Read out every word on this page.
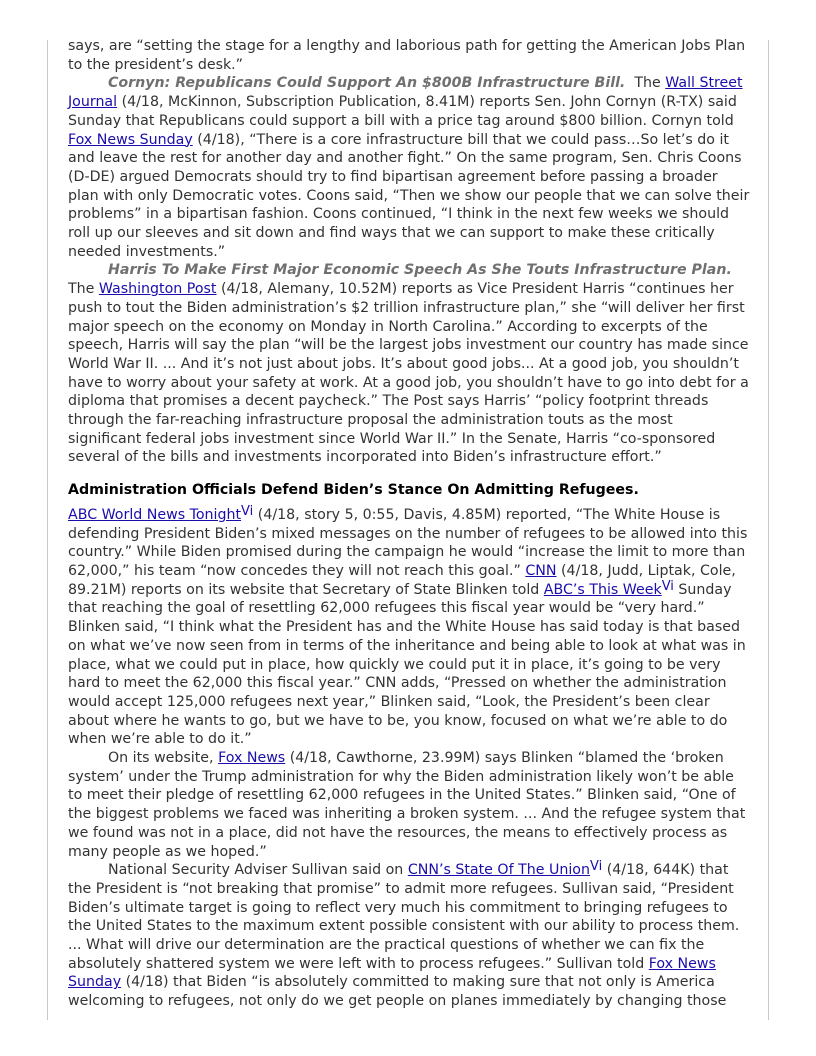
says, are “setting the stage for a lengthy and laborious path for getting the American Jobs Plan to the president’s desk.”

Cornyn: Republicans Could Support An $800B Infrastructure Bill.  The Wall Street Journal (4/18, McKinnon, Subscription Publication, 8.41M) reports Sen. John Cornyn (R-TX) said Sunday that Republicans could support a bill with a price tag around $800 billion. Cornyn told Fox News Sunday (4/18), “There is a core infrastructure bill that we could pass…So let’s do it and leave the rest for another day and another fight.” On the same program, Sen. Chris Coons (D-DE) argued Democrats should try to find bipartisan agreement before passing a broader plan with only Democratic votes. Coons said, “Then we show our people that we can solve their problems” in a bipartisan fashion. Coons continued, “I think in the next few weeks we should roll up our sleeves and sit down and find ways that we can support to make these critically needed investments.”

Harris To Make First Major Economic Speech As She Touts Infrastructure Plan. The Washington Post (4/18, Alemany, 10.52M) reports as Vice President Harris “continues her push to tout the Biden administration’s $2 trillion infrastructure plan,” she “will deliver her first major speech on the economy on Monday in North Carolina.” According to excerpts of the speech, Harris will say the plan “will be the largest jobs investment our country has made since World War II. ... And it’s not just about jobs. It’s about good jobs... At a good job, you shouldn’t have to worry about your safety at work. At a good job, you shouldn’t have to go into debt for a diploma that promises a decent paycheck.” The Post says Harris’ “policy footprint threads through the far-reaching infrastructure proposal the administration touts as the most significant federal jobs investment since World War II.” In the Senate, Harris “co-sponsored several of the bills and investments incorporated into Biden’s infrastructure effort.”

Administration Officials Defend Biden’s Stance On Admitting Refugees.

ABC World News TonightVi (4/18, story 5, 0:55, Davis, 4.85M) reported, “The White House is defending President Biden’s mixed messages on the number of refugees to be allowed into this country.” While Biden promised during the campaign he would “increase the limit to more than 62,000,” his team “now concedes they will not reach this goal.” CNN (4/18, Judd, Liptak, Cole, 89.21M) reports on its website that Secretary of State Blinken told ABC’s This WeekVi Sunday that reaching the goal of resettling 62,000 refugees this fiscal year would be “very hard.” Blinken said, “I think what the President has and the White House has said today is that based on what we’ve now seen from in terms of the inheritance and being able to look at what was in place, what we could put in place, how quickly we could put it in place, it’s going to be very hard to meet the 62,000 this fiscal year.” CNN adds, “Pressed on whether the administration would accept 125,000 refugees next year,” Blinken said, “Look, the President’s been clear about where he wants to go, but we have to be, you know, focused on what we’re able to do when we’re able to do it.”

On its website, Fox News (4/18, Cawthorne, 23.99M) says Blinken “blamed the ‘broken system’ under the Trump administration for why the Biden administration likely won’t be able to meet their pledge of resettling 62,000 refugees in the United States.” Blinken said, “One of the biggest problems we faced was inheriting a broken system. ... And the refugee system that we found was not in a place, did not have the resources, the means to effectively process as many people as we hoped.”

National Security Adviser Sullivan said on CNN’s State Of The UnionVi (4/18, 644K) that the President is “not breaking that promise” to admit more refugees. Sullivan said, “President Biden’s ultimate target is going to reflect very much his commitment to bringing refugees to the United States to the maximum extent possible consistent with our ability to process them. ... What will drive our determination are the practical questions of whether we can fix the absolutely shattered system we were left with to process refugees.” Sullivan told Fox News Sunday (4/18) that Biden “is absolutely committed to making sure that not only is America welcoming to refugees, not only do we get people on planes immediately by changing those
